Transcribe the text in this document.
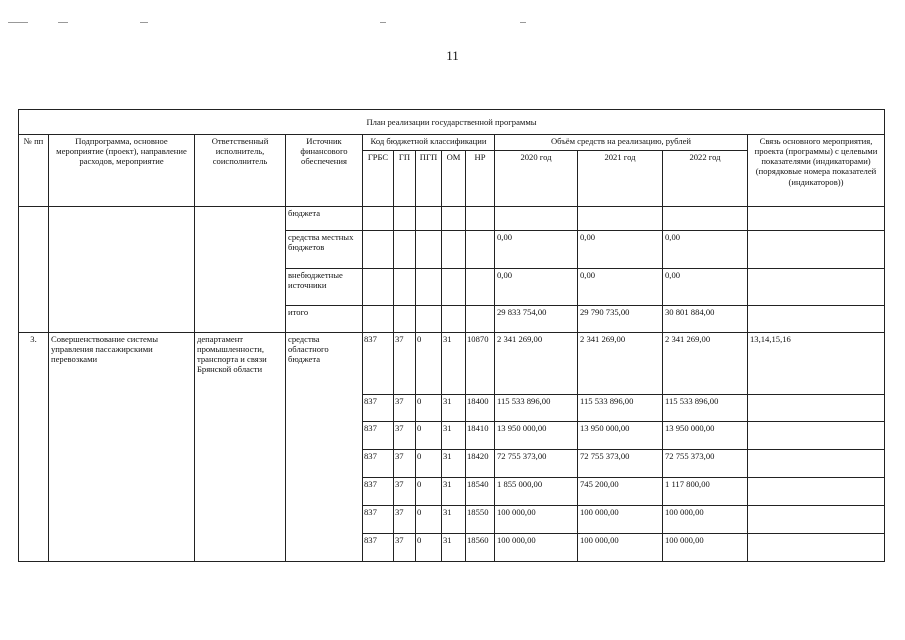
11
План реализации государственной программы												
№ пп	Подпрограмма, основное мероприятие (проект), направление расходов, мероприятие	Ответственный исполнитель, соисполнитель	Источник финансового обеспечения	Код бюджетной классификации					Объём средств на реализацию, рублей			Связь основного мероприятия, проекта (программы) с целевыми показателями (индикаторами) (порядковые номера показателей (индикаторов))
				ГРБС	ГП	ПГП	ОМ	НР	2020 год	2021 год	2022 год	
			бюджета									
			средства местных бюджетов						0,00	0,00	0,00	
			внебюджетные источники						0,00	0,00	0,00	
			итого						29 833 754,00	29 790 735,00	30 801 884,00	
3.	Совершенствование системы управления пассажирскими перевозками	департамент промышленности, транспорта и связи Брянской области	средства областного бюджета	837	37	0	31	10870	2 341 269,00	2 341 269,00	2 341 269,00	13,14,15,16
				837	37	0	31	18400	115 533 896,00	115 533 896,00	115 533 896,00	
				837	37	0	31	18410	13 950 000,00	13 950 000,00	13 950 000,00	
				837	37	0	31	18420	72 755 373,00	72 755 373,00	72 755 373,00	
				837	37	0	31	18540	1 855 000,00	745 200,00	1 117 800,00	
				837	37	0	31	18550	100 000,00	100 000,00	100 000,00	
				837	37	0	31	18560	100 000,00	100 000,00	100 000,00	
